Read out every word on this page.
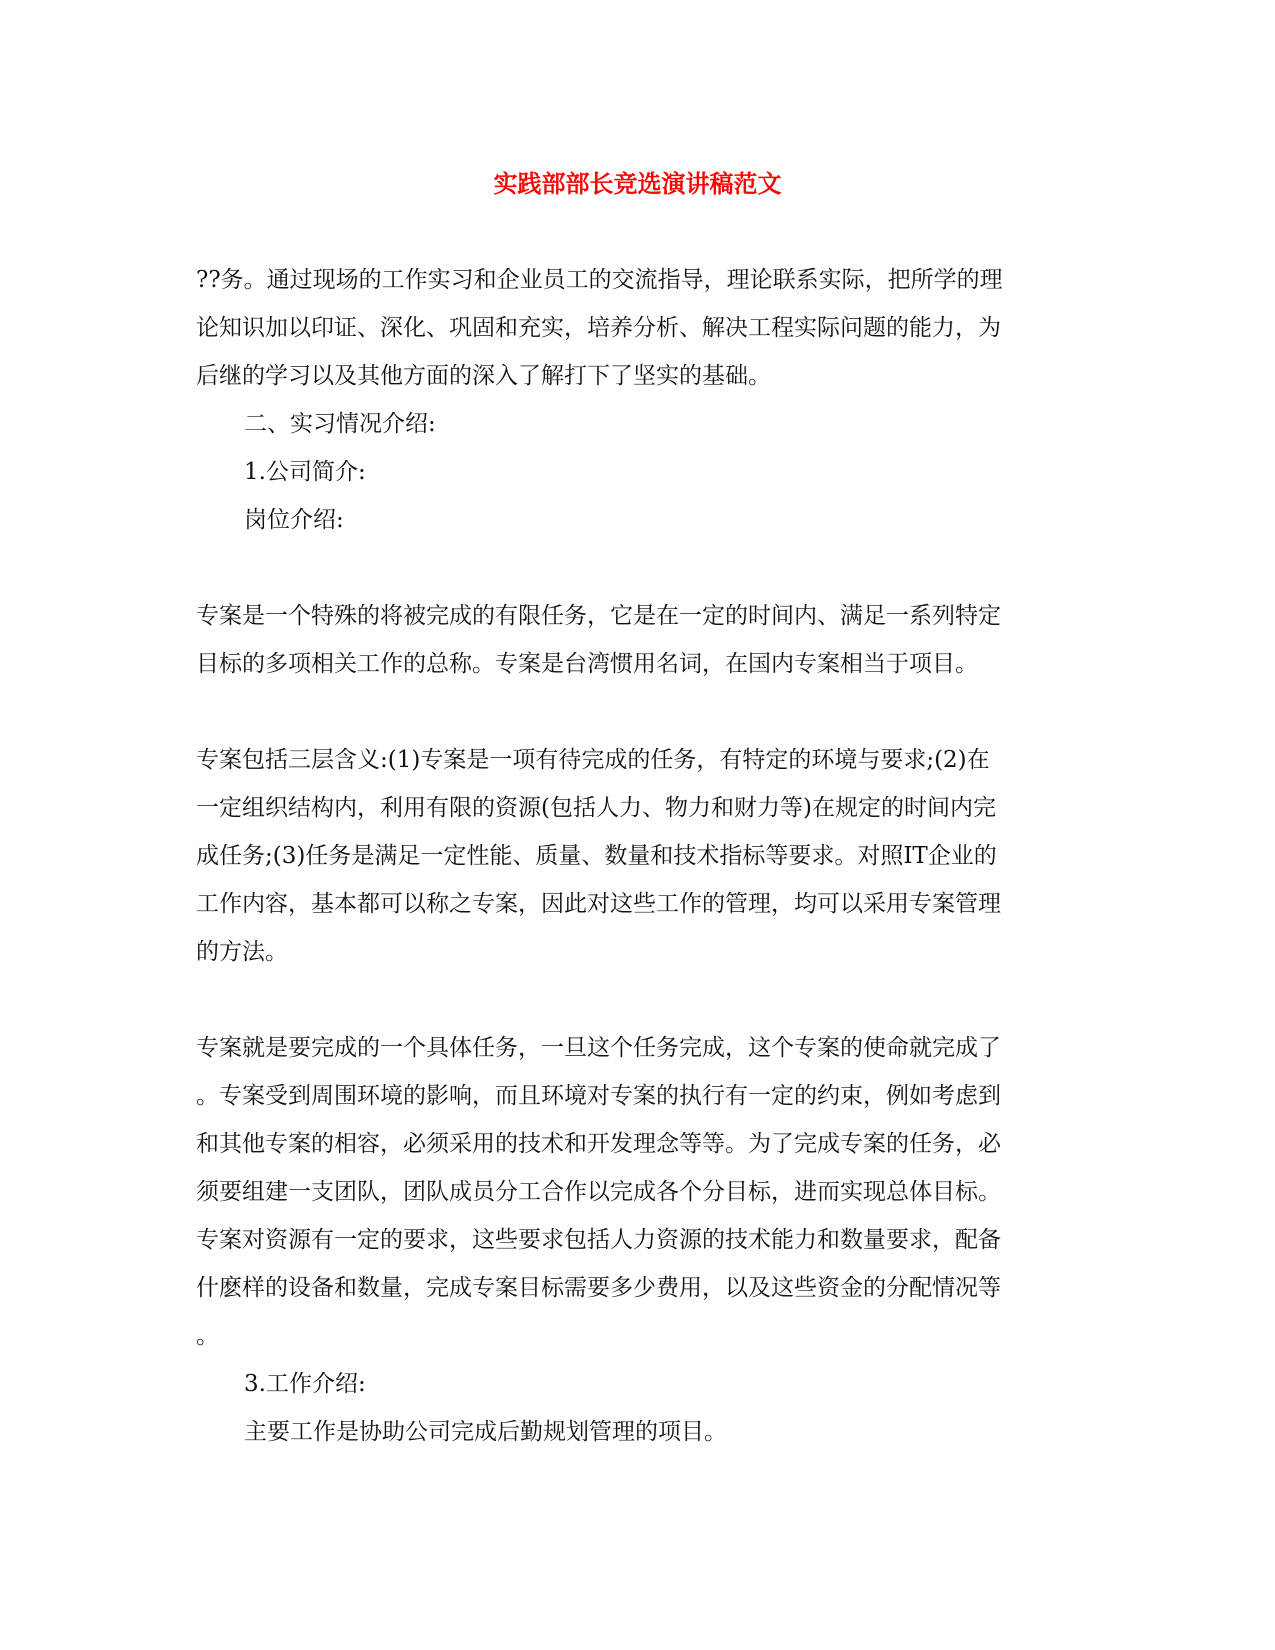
实践部部长竞选演讲稿范文
??务。通过现场的工作实习和企业员工的交流指导，理论联系实际，把所学的理
论知识加以印证、深化、巩固和充实，培养分析、解决工程实际问题的能力，为
后继的学习以及其他方面的深入了解打下了坚实的基础。
二、实习情况介绍:
1.公司简介:
岗位介绍:
专案是一个特殊的将被完成的有限任务，它是在一定的时间内、满足一系列特定
目标的多项相关工作的总称。专案是台湾惯用名词，在国内专案相当于项目。
专案包括三层含义:(1)专案是一项有待完成的任务，有特定的环境与要求;(2)在
一定组织结构内，利用有限的资源(包括人力、物力和财力等)在规定的时间内完
成任务;(3)任务是满足一定性能、质量、数量和技术指标等要求。对照IT企业的
工作内容，基本都可以称之专案，因此对这些工作的管理，均可以采用专案管理
的方法。
专案就是要完成的一个具体任务，一旦这个任务完成，这个专案的使命就完成了
。专案受到周围环境的影响，而且环境对专案的执行有一定的约束，例如考虑到
和其他专案的相容，必须采用的技术和开发理念等等。为了完成专案的任务，必
须要组建一支团队，团队成员分工合作以完成各个分目标，进而实现总体目标。
专案对资源有一定的要求，这些要求包括人力资源的技术能力和数量要求，配备
什麽样的设备和数量，完成专案目标需要多少费用，以及这些资金的分配情况等
。
3.工作介绍:
主要工作是协助公司完成后勤规划管理的项目。
